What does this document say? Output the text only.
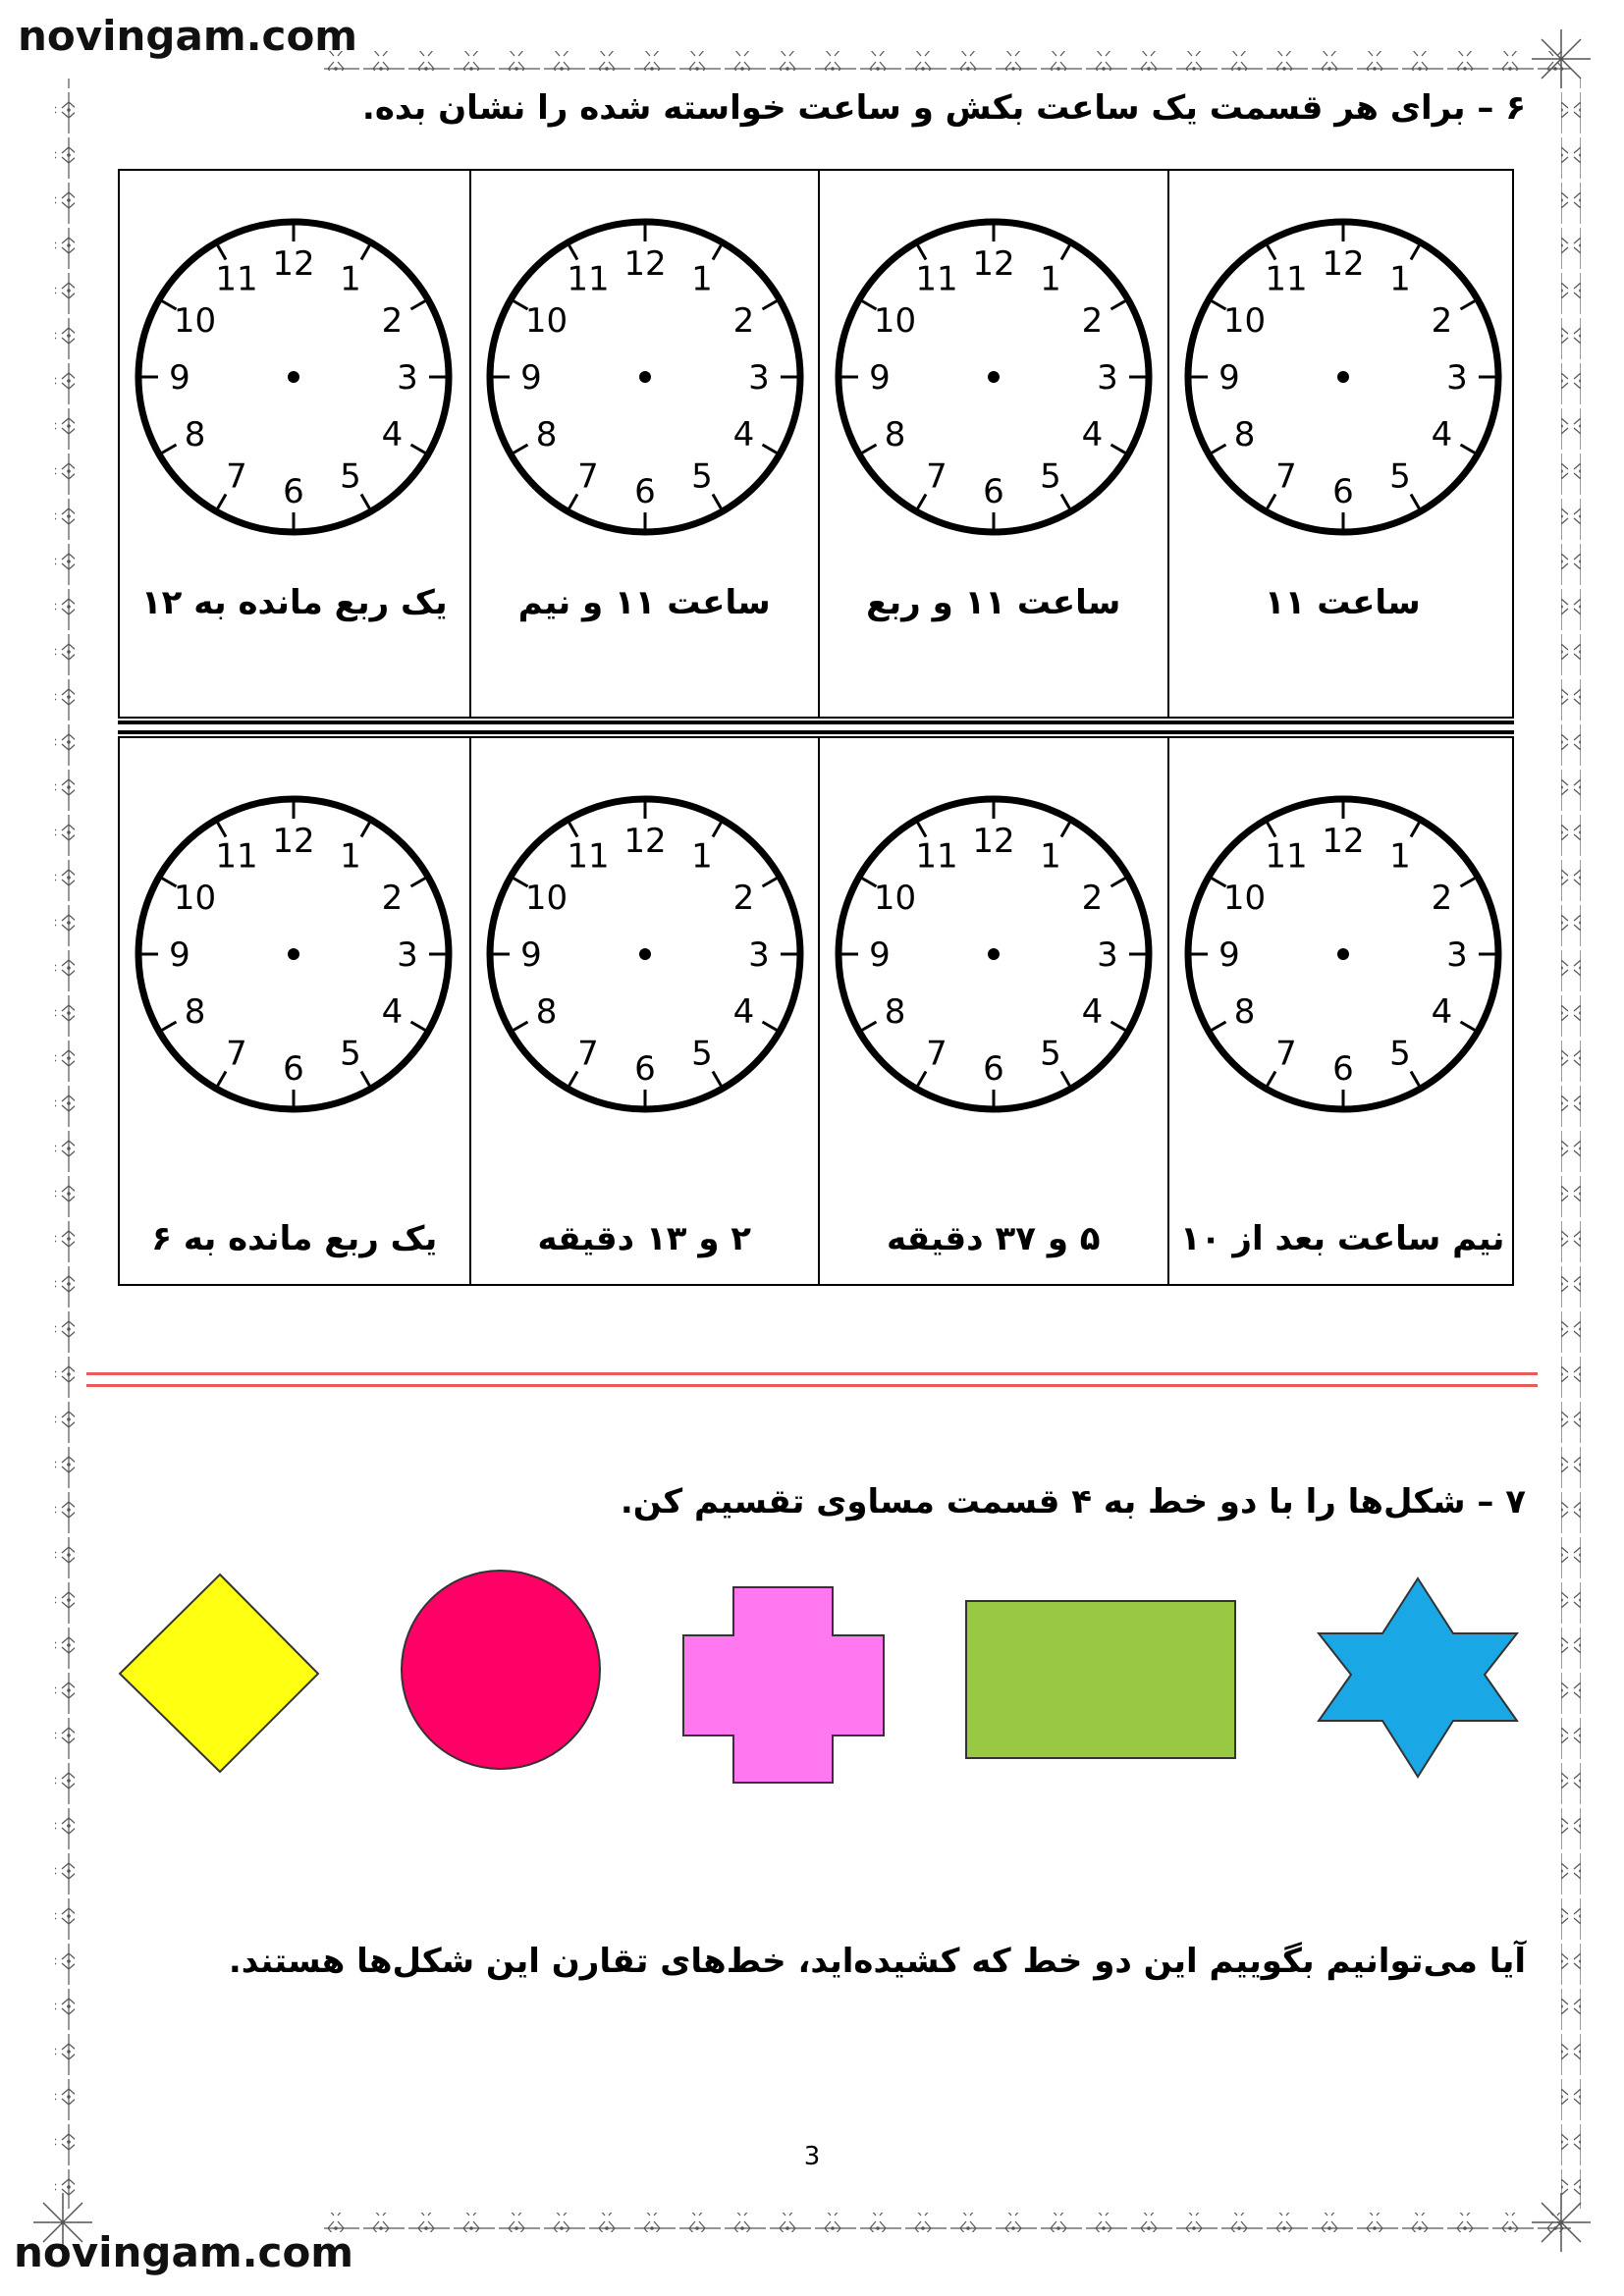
novingam.com
novingam.com
۶ – برای هر قسمت یک ساعت بکش و ساعت خواسته شده را نشان بده.
12 1
2
3
4
5
6
7
8
9
10
11
یک ربع مانده به ۱۲
12 1
2
3
4
5
6
7
8
9
10
11
ساعت ۱۱ و نیم
12 1
2
3
4
5
6
7
8
9
10
11
ساعت ۱۱ و ربع
12 1
2
3
4
5
6
7
8
9
10
11
ساعت ۱۱
12 1
2
3
4
5
6
7
8
9
10
11
یک ربع مانده به ۶
12 1
2
3
4
5
6
7
8
9
10
11
۲ و ۱۳ دقیقه
12 1
2
3
4
5
6
7
8
9
10
11
۵ و ۳۷ دقیقه
12 1
2
3
4
5
6
7
8
9
10
11
نیم ساعت بعد از ۱۰
۷ – شکل‌ها را با دو خط به ۴ قسمت مساوی تقسیم کن.
آیا می‌توانیم بگوییم این دو خط که کشیده‌اید، خط‌های تقارن این شکل‌ها هستند.
3
